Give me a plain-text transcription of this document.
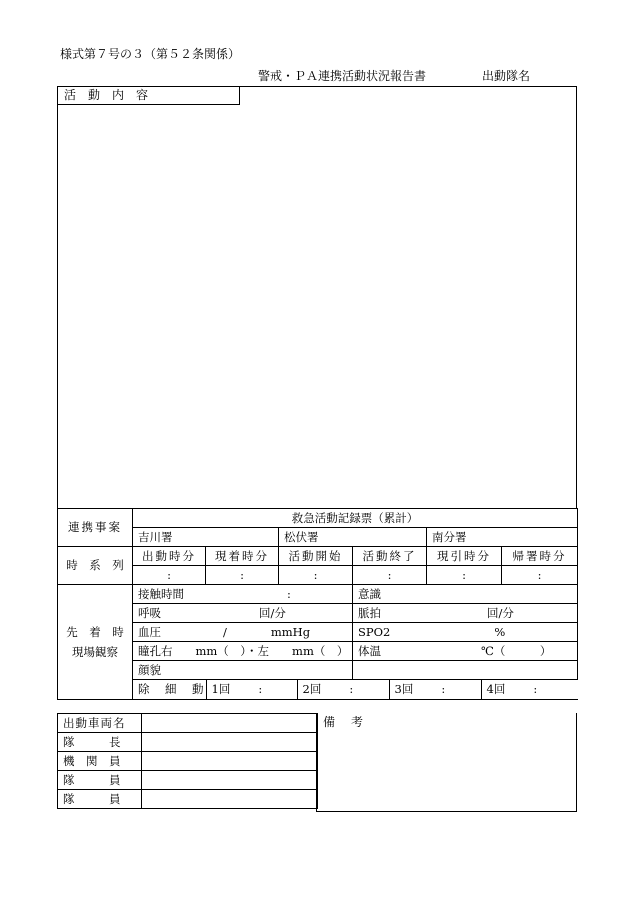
様式第７号の３（第５２条関係）
警戒・ＰＡ連携活動状況報告書	出動隊名
活　動　内　容
連携事案	救急活動記録票（累計）
吉川署	松伏署	南分署
時　系　列	出動時分	現着時分	活動開始	活動終了	現引時分	帰署時分
:	:	:	:	:	:
先　着　時
現場観察	接触時間	:	意識
呼吸	回/分	脈拍	回/分
血圧	/	mmHg	SPO2	%
瞳孔右　　mm（　）・左　　mm（　）	体温	℃（　　　）
顔貌	

除　細　動	1回 :	2回 :	3回 :	4回 :
出動車両名	
隊　　　長	
機　関　員	
隊　　　員	
隊　　　員	
備　考
